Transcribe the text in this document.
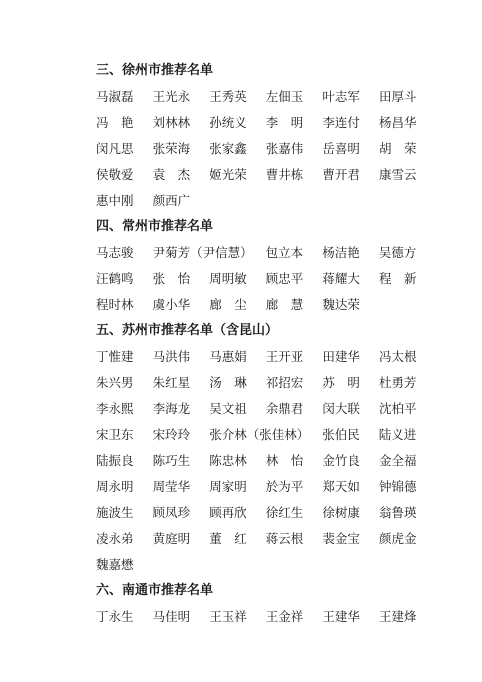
三、徐州市推荐名单
马淑磊	王光永	王秀英	左佃玉	叶志军	田厚斗
冯　艳	刘林林	孙统义	李　明	李连付	杨昌华
闵凡思	张荣海	张家鑫	张嘉伟	岳喜明	胡　荣
侯敬爱	袁　杰	姬光荣	曹井栋	曹开君	康雪云
惠中刚	颜西广
四、常州市推荐名单
马志骏	尹菊芳（尹信慧）	包立本	杨洁艳	吴德方
汪鹤鸣	张　怡	周明敏	顾忠平	蒋耀大	程　新
程时林	虞小华	廊　尘	廊　慧	魏达荣
五、苏州市推荐名单（含昆山）
丁惟建	马洪伟	马惠娟	王开亚	田建华	冯太根
朱兴男	朱红星	汤　琳	祁招宏	苏　明	杜勇芳
李永熙	李海龙	吴文祖	余鼎君	闵大联	沈柏平
宋卫东	宋玲玲	张介林（张佳林）	张伯民	陆义进
陆振良	陈巧生	陈忠林	林　怡	金竹良	金全福
周永明	周莹华	周家明	於为平	郑天如	钟锦德
施波生	顾凤珍	顾再欣	徐红生	徐树康	翁鲁瑛
凌永弟	黄庭明	董　红	蒋云根	裴金宝	颜虎金
魏嘉懋
六、南通市推荐名单
丁永生	马佳明	王玉祥	王金祥	王建华	王建烽
